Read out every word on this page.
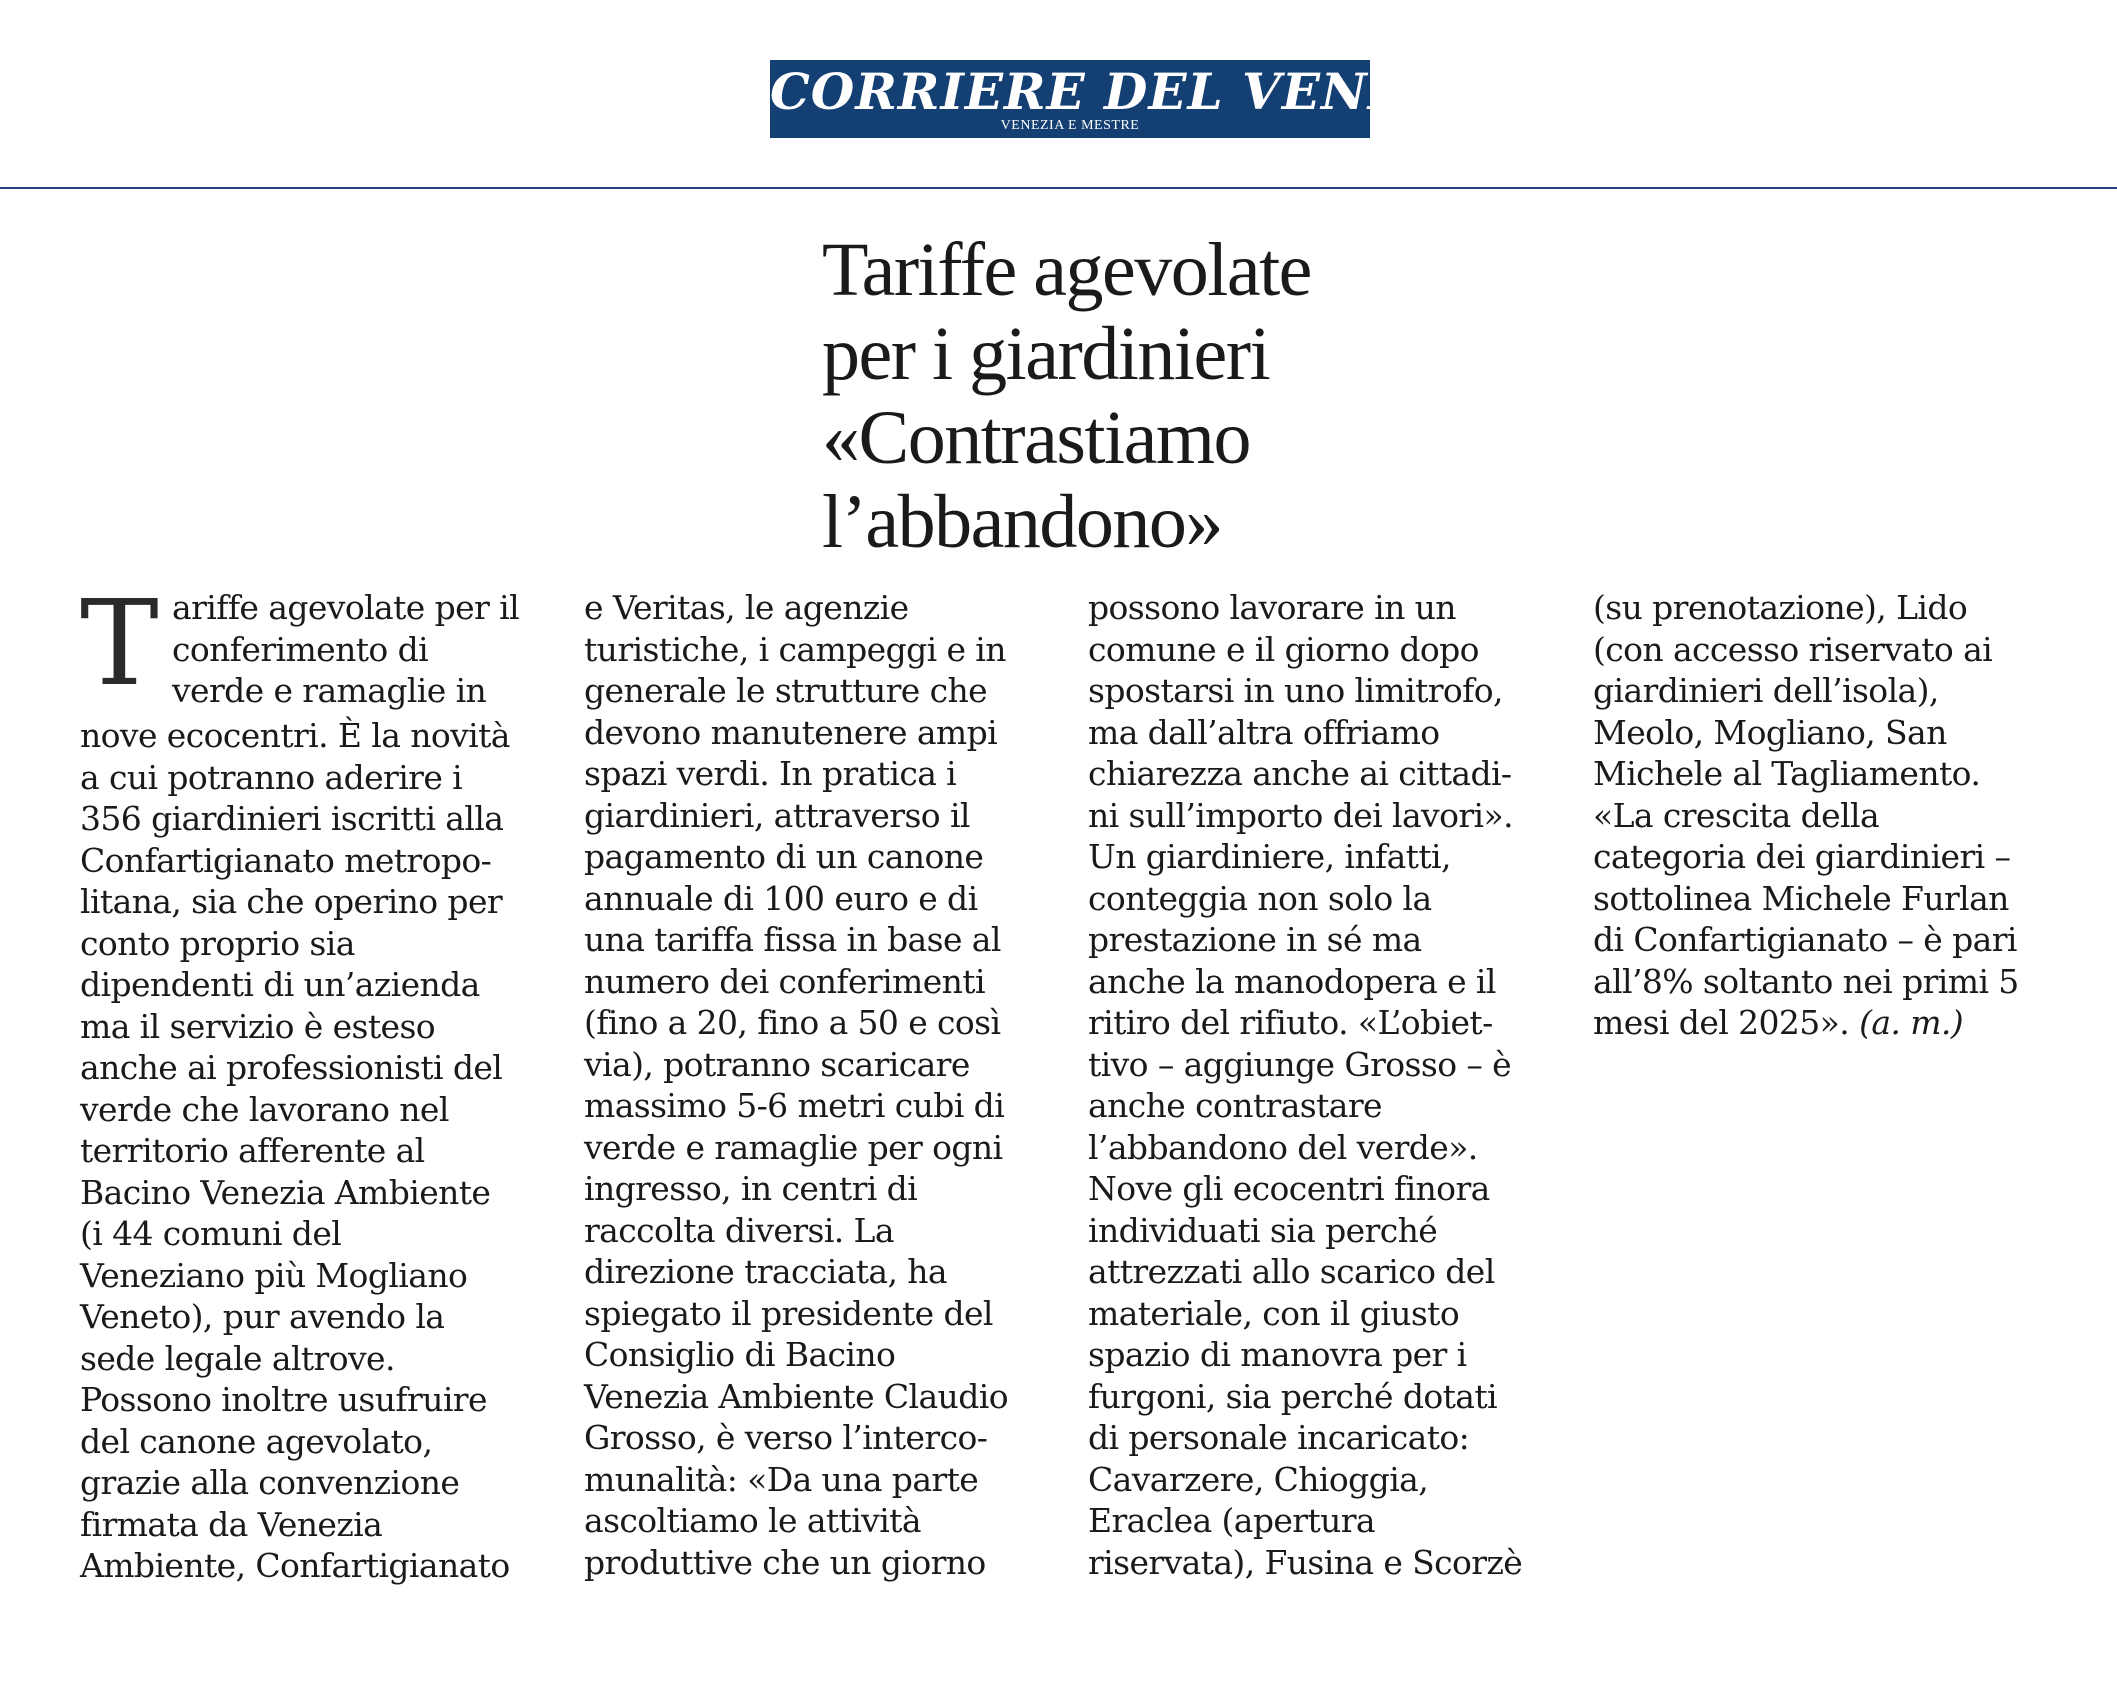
CORRIERE DEL VENETO
VENEZIA E MESTRE
Tariffe agevolate
per i giardinieri
«Contrastiamo
l’abbandono»
T ariffe agevolate per il
conferimento di
verde e ramaglie in
nove ecocentri. È la novità
a cui potranno aderire i
356 giardinieri iscritti alla
Confartigianato metropo-
litana, sia che operino per
conto proprio sia
dipendenti di un’azienda
ma il servizio è esteso
anche ai professionisti del
verde che lavorano nel
territorio afferente al
Bacino Venezia Ambiente
(i 44 comuni del
Veneziano più Mogliano
Veneto), pur avendo la
sede legale altrove.
Possono inoltre usufruire
del canone agevolato,
grazie alla convenzione
firmata da Venezia
Ambiente, Confartigianato
e Veritas, le agenzie
turistiche, i campeggi e in
generale le strutture che
devono manutenere ampi
spazi verdi. In pratica i
giardinieri, attraverso il
pagamento di un canone
annuale di 100 euro e di
una tariffa fissa in base al
numero dei conferimenti
(fino a 20, fino a 50 e così
via), potranno scaricare
massimo 5-6 metri cubi di
verde e ramaglie per ogni
ingresso, in centri di
raccolta diversi. La
direzione tracciata, ha
spiegato il presidente del
Consiglio di Bacino
Venezia Ambiente Claudio
Grosso, è verso l’interco-
munalità: «Da una parte
ascoltiamo le attività
produttive che un giorno
possono lavorare in un
comune e il giorno dopo
spostarsi in uno limitrofo,
ma dall’altra offriamo
chiarezza anche ai cittadi-
ni sull’importo dei lavori».
Un giardiniere, infatti,
conteggia non solo la
prestazione in sé ma
anche la manodopera e il
ritiro del rifiuto. «L’obiet-
tivo – aggiunge Grosso – è
anche contrastare
l’abbandono del verde».
Nove gli ecocentri finora
individuati sia perché
attrezzati allo scarico del
materiale, con il giusto
spazio di manovra per i
furgoni, sia perché dotati
di personale incaricato:
Cavarzere, Chioggia,
Eraclea (apertura
riservata), Fusina e Scorzè
(su prenotazione), Lido
(con accesso riservato ai
giardinieri dell’isola),
Meolo, Mogliano, San
Michele al Tagliamento.
«La crescita della
categoria dei giardinieri –
sottolinea Michele Furlan
di Confartigianato – è pari
all’8% soltanto nei primi 5
mesi del 2025». (a. m.)
